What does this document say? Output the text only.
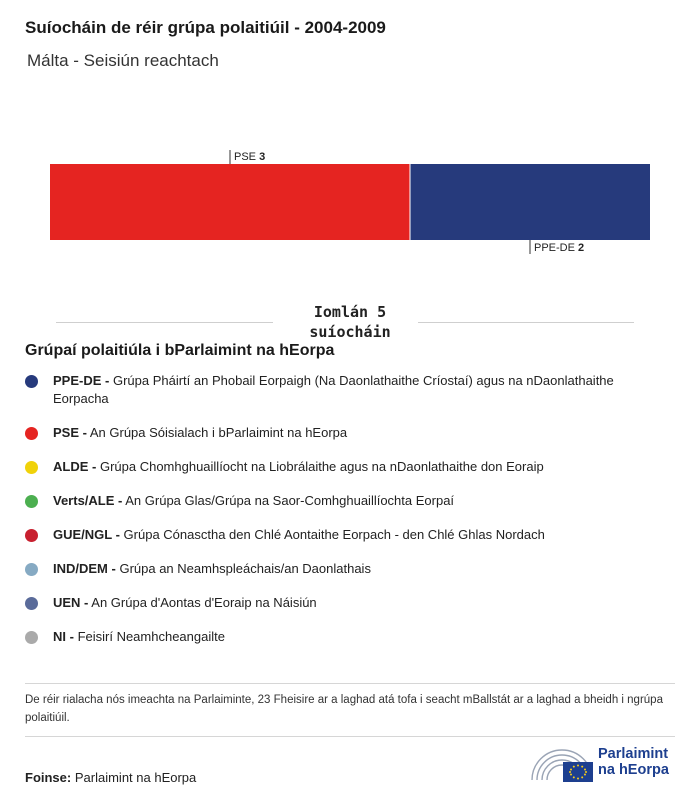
Suíocháin de réir grúpa polaitiúil - 2004-2009
Málta - Seisiún reachtach
PSE 3
PPE-DE 2
Iomlán 5
suíocháin
Grúpaí polaitiúla i bParlaimint na hEorpa
PPE-DE - Grúpa Pháirtí an Phobail Eorpaigh (Na Daonlathaithe Críostaí) agus na nDaonlathaithe Eorpacha
PSE - An Grúpa Sóisialach i bParlaimint na hEorpa
ALDE - Grúpa Chomhghuaillíocht na Liobrálaithe agus na nDaonlathaithe don Eoraip
Verts/ALE - An Grúpa Glas/Grúpa na Saor-Comhghuaillíochta Eorpaí
GUE/NGL - Grúpa Cónasctha den Chlé Aontaithe Eorpach - den Chlé Ghlas Nordach
IND/DEM - Grúpa an Neamhspleáchais/an Daonlathais
UEN - An Grúpa d'Aontas d'Eoraip na Náisiún
NI - Feisirí Neamhcheangailte
De réir rialacha nós imeachta na Parlaiminte, 23 Fheisire ar a laghad atá tofa i seacht mBallstát ar a laghad a bheidh i ngrúpa polaitiúil.
Foinse: Parlaimint na hEorpa
Parlaimint
na hEorpa
